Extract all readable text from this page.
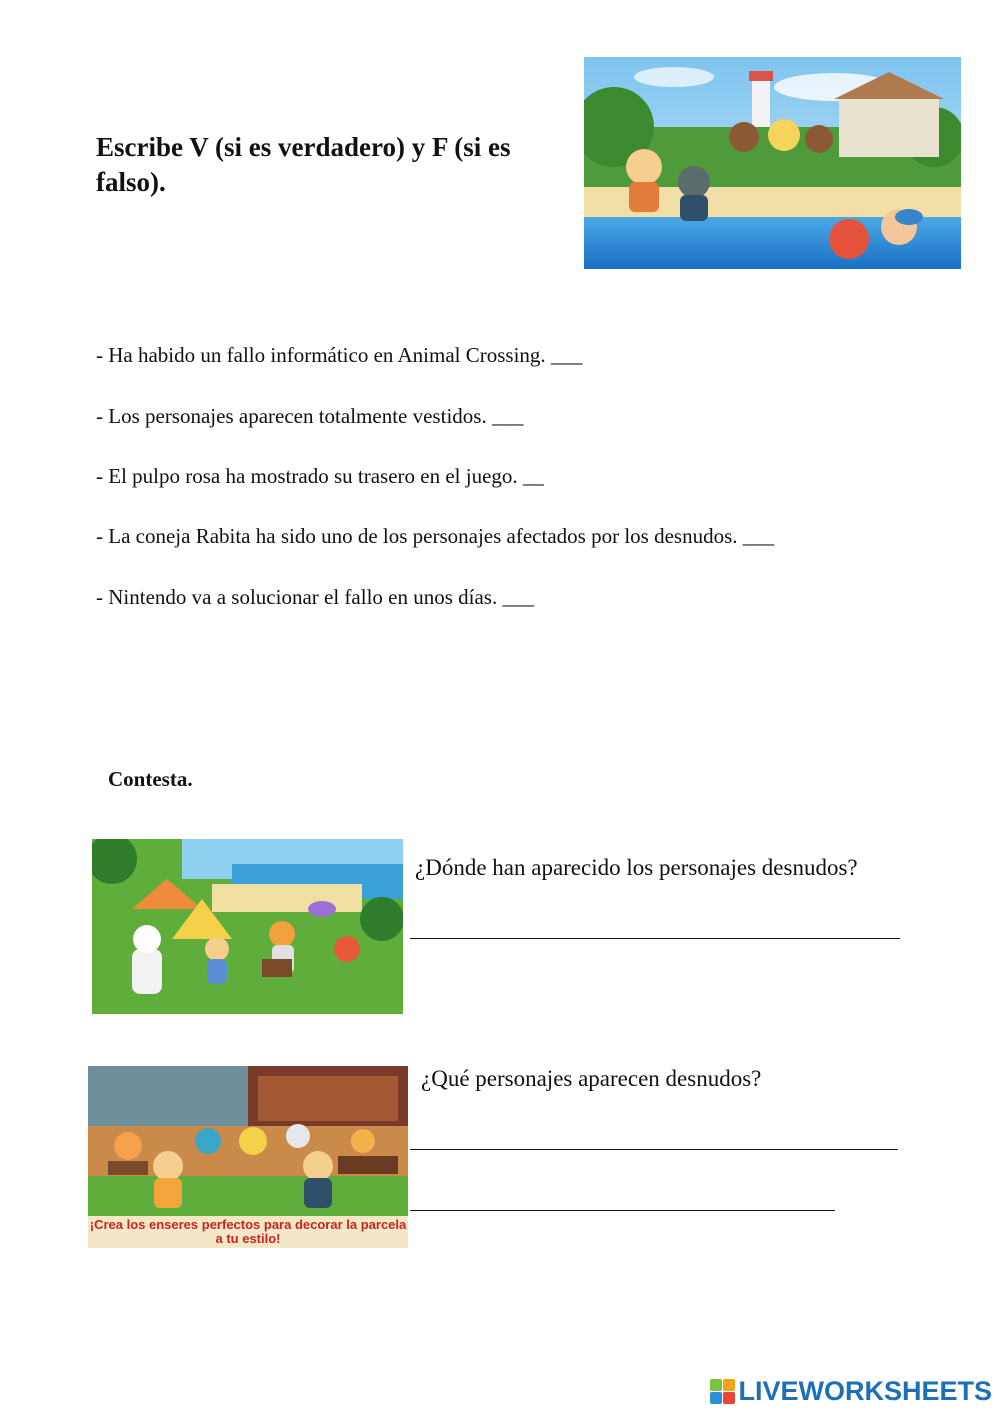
Escribe V (si es verdadero) y F (si es falso).
- Ha habido un fallo informático en Animal Crossing. ___
- Los personajes aparecen totalmente vestidos. ___
- El pulpo rosa ha mostrado su trasero en el juego. __
- La coneja Rabita ha sido uno de los personajes afectados por los desnudos. ___
- Nintendo va a solucionar el fallo en unos días. ___
Contesta.
¿Dónde han aparecido los personajes desnudos?
¡Crea los enseres perfectos para decorar la parcela a tu estilo!
¿Qué personajes aparecen desnudos?
LIVEWORKSHEETS
